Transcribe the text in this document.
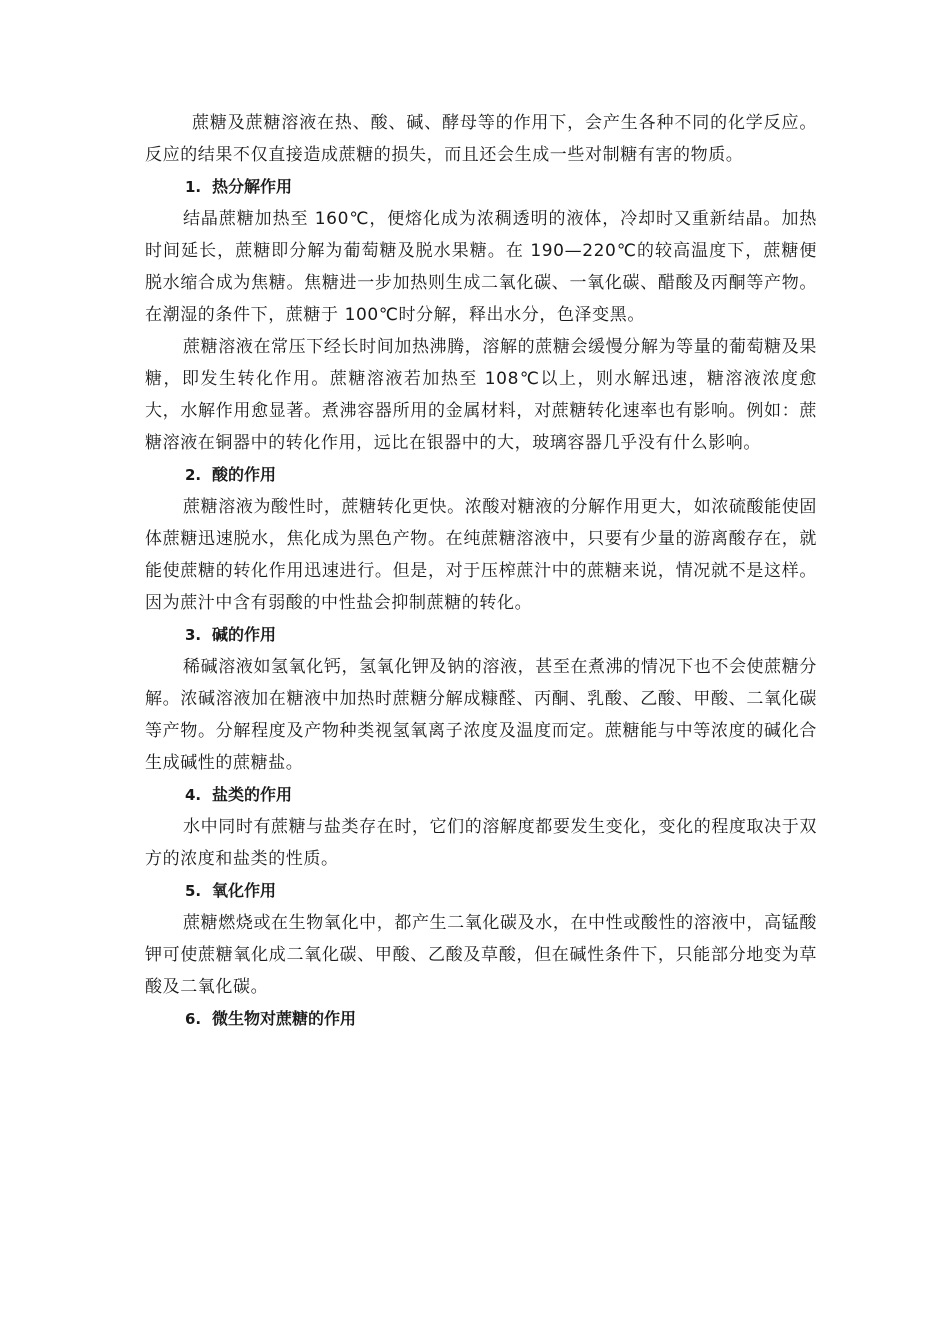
蔗糖及蔗糖溶液在热、酸、碱、酵母等的作用下，会产生各种不同的化学反应。反应的结果不仅直接造成蔗糖的损失，而且还会生成一些对制糖有害的物质。

1. 热分解作用

结晶蔗糖加热至 160℃，便熔化成为浓稠透明的液体，冷却时又重新结晶。加热时间延长，蔗糖即分解为葡萄糖及脱水果糖。在 190—220℃的较高温度下，蔗糖便脱水缩合成为焦糖。焦糖进一步加热则生成二氧化碳、一氧化碳、醋酸及丙酮等产物。在潮湿的条件下，蔗糖于 100℃时分解，释出水分，色泽变黑。

蔗糖溶液在常压下经长时间加热沸腾，溶解的蔗糖会缓慢分解为等量的葡萄糖及果糖，即发生转化作用。蔗糖溶液若加热至 108℃以上，则水解迅速，糖溶液浓度愈大，水解作用愈显著。煮沸容器所用的金属材料，对蔗糖转化速率也有影响。例如：蔗糖溶液在铜器中的转化作用，远比在银器中的大，玻璃容器几乎没有什么影响。

2. 酸的作用

蔗糖溶液为酸性时，蔗糖转化更快。浓酸对糖液的分解作用更大，如浓硫酸能使固体蔗糖迅速脱水，焦化成为黑色产物。在纯蔗糖溶液中，只要有少量的游离酸存在，就能使蔗糖的转化作用迅速进行。但是，对于压榨蔗汁中的蔗糖来说，情况就不是这样。因为蔗汁中含有弱酸的中性盐会抑制蔗糖的转化。

3. 碱的作用

稀碱溶液如氢氧化钙，氢氧化钾及钠的溶液，甚至在煮沸的情况下也不会使蔗糖分解。浓碱溶液加在糖液中加热时蔗糖分解成糠醛、丙酮、乳酸、乙酸、甲酸、二氧化碳等产物。分解程度及产物种类视氢氧离子浓度及温度而定。蔗糖能与中等浓度的碱化合生成碱性的蔗糖盐。

4. 盐类的作用

水中同时有蔗糖与盐类存在时，它们的溶解度都要发生变化，变化的程度取决于双方的浓度和盐类的性质。

5. 氧化作用

蔗糖燃烧或在生物氧化中，都产生二氧化碳及水，在中性或酸性的溶液中，高锰酸钾可使蔗糖氧化成二氧化碳、甲酸、乙酸及草酸，但在碱性条件下，只能部分地变为草酸及二氧化碳。

6. 微生物对蔗糖的作用
